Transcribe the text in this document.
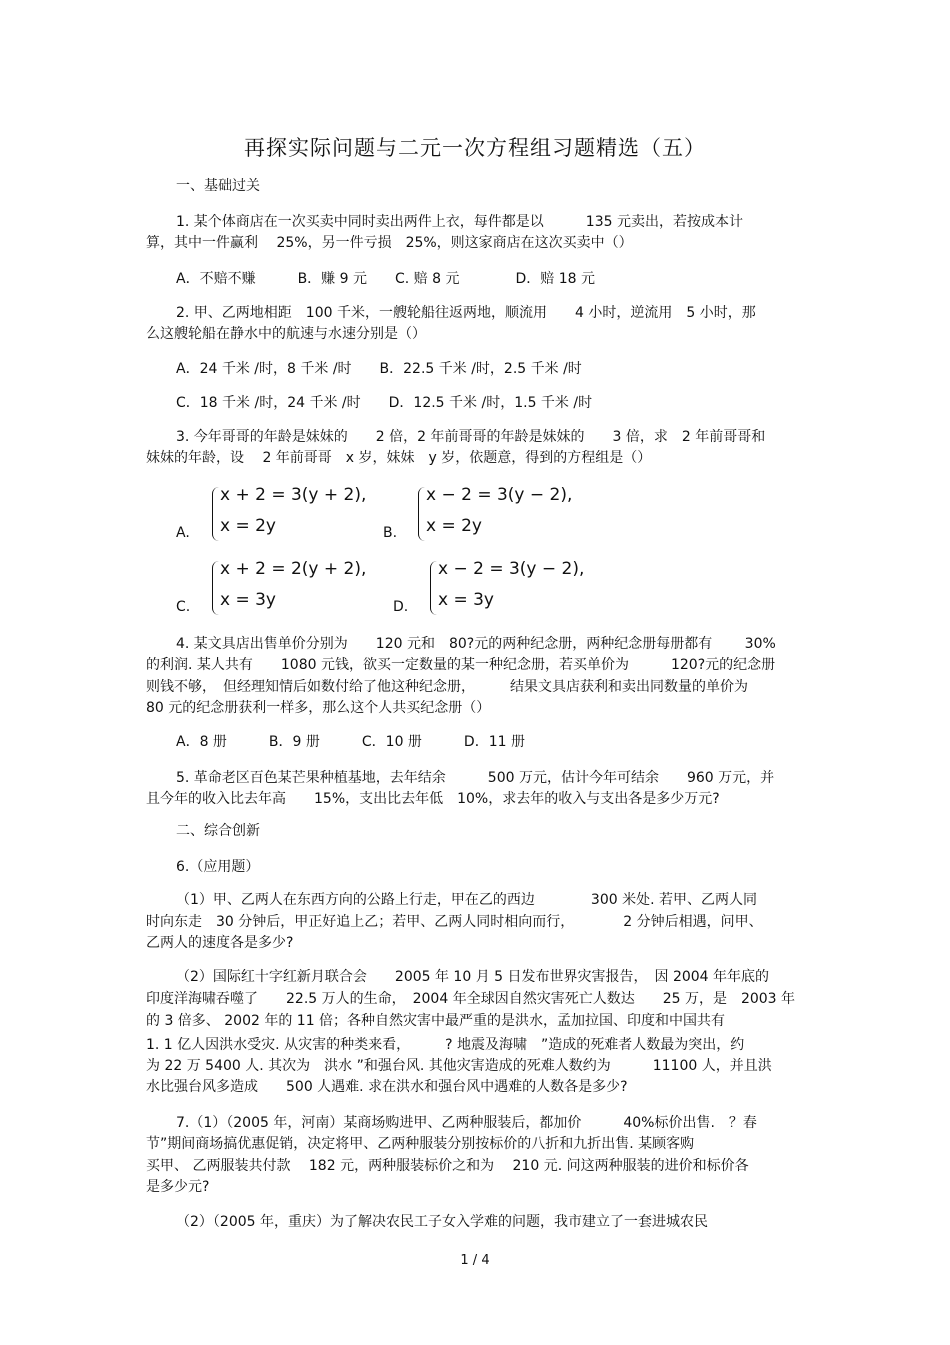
再探实际问题与二元一次方程组习题精选（五）
一、基础过关
1. 某个体商店在一次买卖中同时卖出两件上衣，每件都是以　　　135 元卖出，若按成本计
算，其中一件赢利　 25%，另一件亏损　25%，则这家商店在这次买卖中（）
A．不赔不赚　　　B．赚 9 元　　C. 赔 8 元　　　　D．赔 18 元
2. 甲、乙两地相距　100 千米，一艘轮船往返两地，顺流用　　4 小时，逆流用　5 小时，那
么这艘轮船在静水中的航速与水速分别是（）
A．24 千米 /时，8 千米 /时　　B．22.5 千米 /时，2.5 千米 /时
C．18 千米 /时，24 千米 /时　　D．12.5 千米 /时，1.5 千米 /时
3. 今年哥哥的年龄是妹妹的　　2 倍，2 年前哥哥的年龄是妹妹的　　3 倍，求　2 年前哥哥和
妹妹的年龄，设　 2 年前哥哥　x 岁，妹妹　y 岁，依题意，得到的方程组是（）
x + 2 = 3(y + 2),
x = 2y
A.
x − 2 = 3(y − 2),
x = 2y
B.
x + 2 = 2(y + 2),
x = 3y
C.
x − 2 = 3(y − 2),
x = 3y
D.
4. 某文具店出售单价分别为　　120 元和　80?元的两种纪念册，两种纪念册每册都有　　 30%
的利润. 某人共有　　1080 元钱，欲买一定数量的某一种纪念册，若买单价为　　　120?元的纪念册
则钱不够，　但经理知情后如数付给了他这种纪念册，　　　结果文具店获利和卖出同数量的单价为
80 元的纪念册获利一样多，那么这个人共买纪念册（）
A．8 册　　　B．9 册　　　C．10 册　　　D．11 册
5. 革命老区百色某芒果种植基地，去年结余　　　500 万元，估计今年可结余　　960 万元，并
且今年的收入比去年高　　15%，支出比去年低　10%，求去年的收入与支出各是多少万元?
二、综合创新
6.（应用题）
（1）甲、乙两人在东西方向的公路上行走，甲在乙的西边　　　　300 米处. 若甲、乙两人同
时向东走　30 分钟后，甲正好追上乙；若甲、乙两人同时相向而行，　　　　2 分钟后相遇，问甲、
乙两人的速度各是多少?
（2）国际红十字红新月联合会　　2005 年 10 月 5 日发布世界灾害报告，　因 2004 年年底的
印度洋海啸吞噬了　　22.5 万人的生命，　2004 年全球因自然灾害死亡人数达　　25 万，是　2003 年
的 3 倍多、 2002 年的 11 倍；各种自然灾害中最严重的是洪水，孟加拉国、印度和中国共有
1. 1 亿人因洪水受灾. 从灾害的种类来看，　　　? 地震及海啸　”造成的死难者人数最为突出，约
为 22 万 5400 人. 其次为　洪水 ”和强台风. 其他灾害造成的死难人数约为　　　11100 人，并且洪
水比强台风多造成　　500 人遇难. 求在洪水和强台风中遇难的人数各是多少?
7.（1）（2005 年，河南）某商场购进甲、乙两种服装后，都加价　　　40%标价出售.　？春
节”期间商场搞优惠促销，决定将甲、乙两种服装分别按标价的八折和九折出售. 某顾客购
买甲、 乙两服装共付款　 182 元，两种服装标价之和为　 210 元. 问这两种服装的进价和标价各
是多少元?
（2）（2005 年，重庆）为了解决农民工子女入学难的问题，我市建立了一套进城农民
1 / 4
